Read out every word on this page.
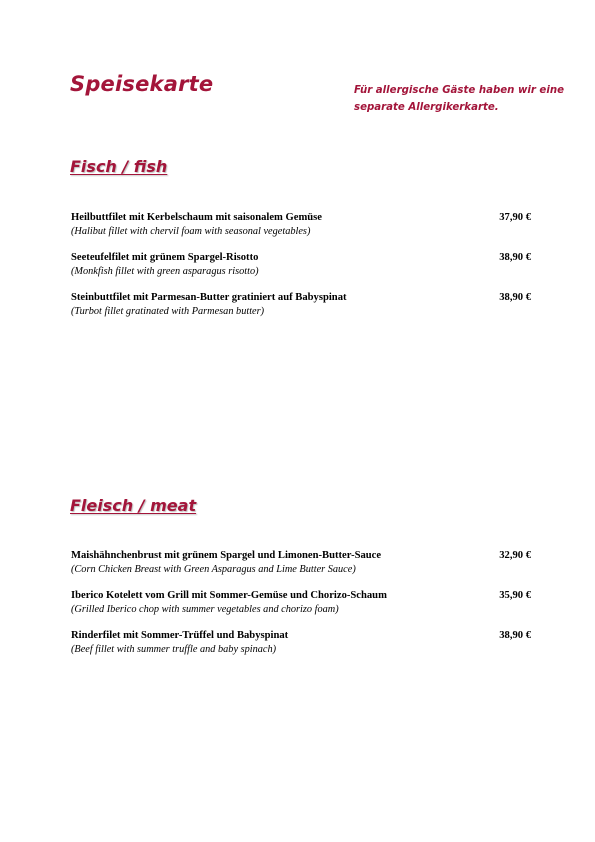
Speisekarte	Für allergische Gäste haben wir eine separate Allergikerkarte.
Fisch / fish
Heilbuttfilet mit Kerbelschaum mit saisonalem Gemüse
(Halibut fillet with chervil foam with seasonal vegetables)
37,90 €
Seeteufelfilet mit grünem Spargel-Risotto
(Monkfish fillet with green asparagus risotto)
38,90 €
Steinbuttfilet mit Parmesan-Butter gratiniert auf Babyspinat
(Turbot fillet gratinated with Parmesan butter)
38,90 €
Fleisch / meat
Maishähnchenbrust mit grünem Spargel und Limonen-Butter-Sauce
(Corn Chicken Breast with Green Asparagus and Lime Butter Sauce)
32,90 €
Iberico Kotelett vom Grill mit Sommer-Gemüse und Chorizo-Schaum
(Grilled Iberico chop with summer vegetables and chorizo foam)
35,90 €
Rinderfilet mit Sommer-Trüffel und Babyspinat
(Beef fillet with summer truffle and baby spinach)
38,90 €
